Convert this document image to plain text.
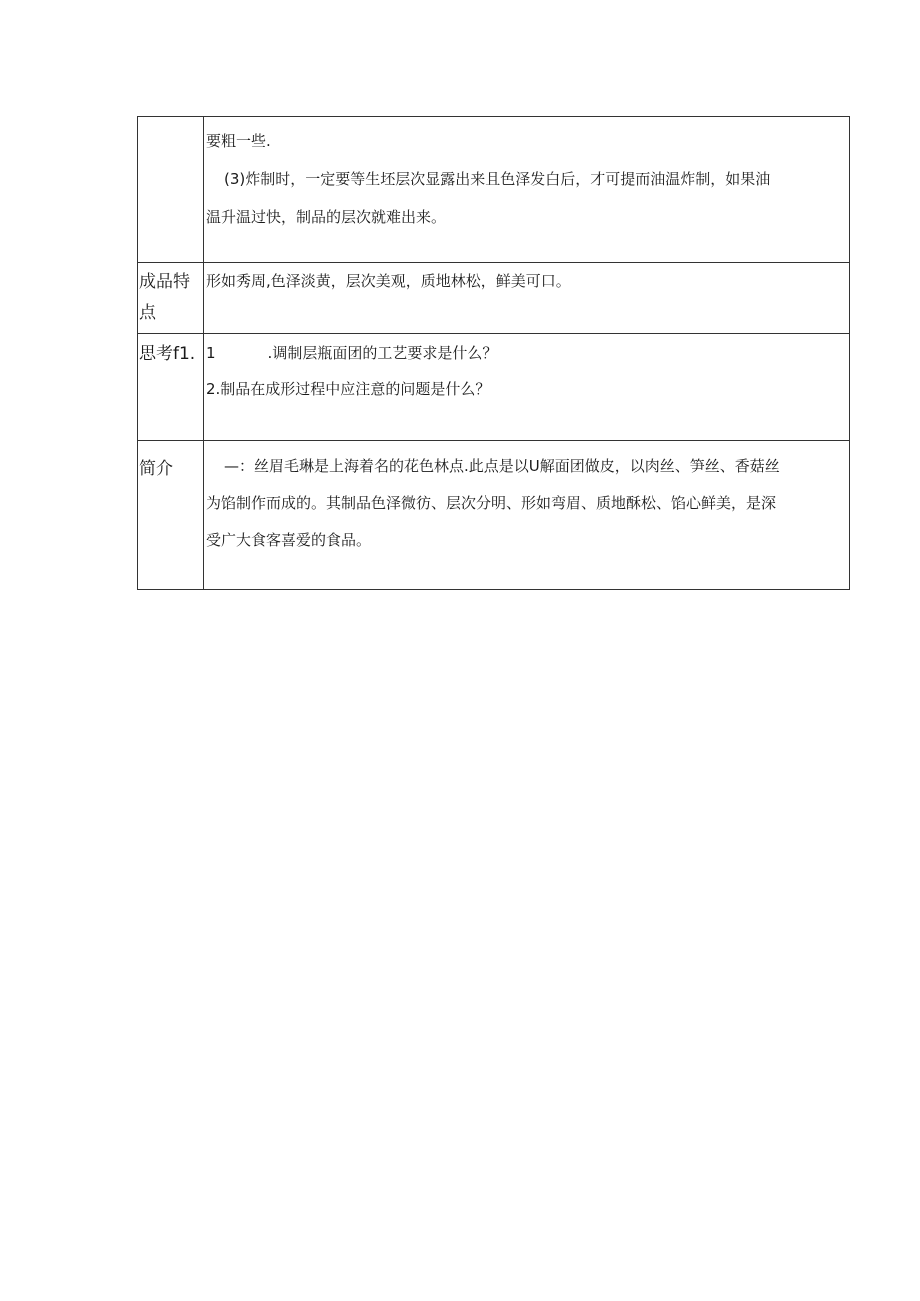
	要粗一些.

(3)炸制时，一定要等生坯层次显露出来且色泽发白后，才可提而油温炸制，如果油

温升温过快，制品的层次就难出来。

成品特点	形如秀周,色泽淡黄，层次美观，质地林松，鲜美可口。

思考f1.	1 .调制层瓶面团的工艺要求是什么？

2.制品在成形过程中应注意的问题是什么？

简介	—：丝眉毛琳是上海着名的花色林点.此点是以U解面团做皮，以肉丝、笋丝、香菇丝

为馅制作而成的。其制品色泽微彷、层次分明、形如弯眉、质地酥松、馅心鲜美，是深

受广大食客喜爱的食品。
